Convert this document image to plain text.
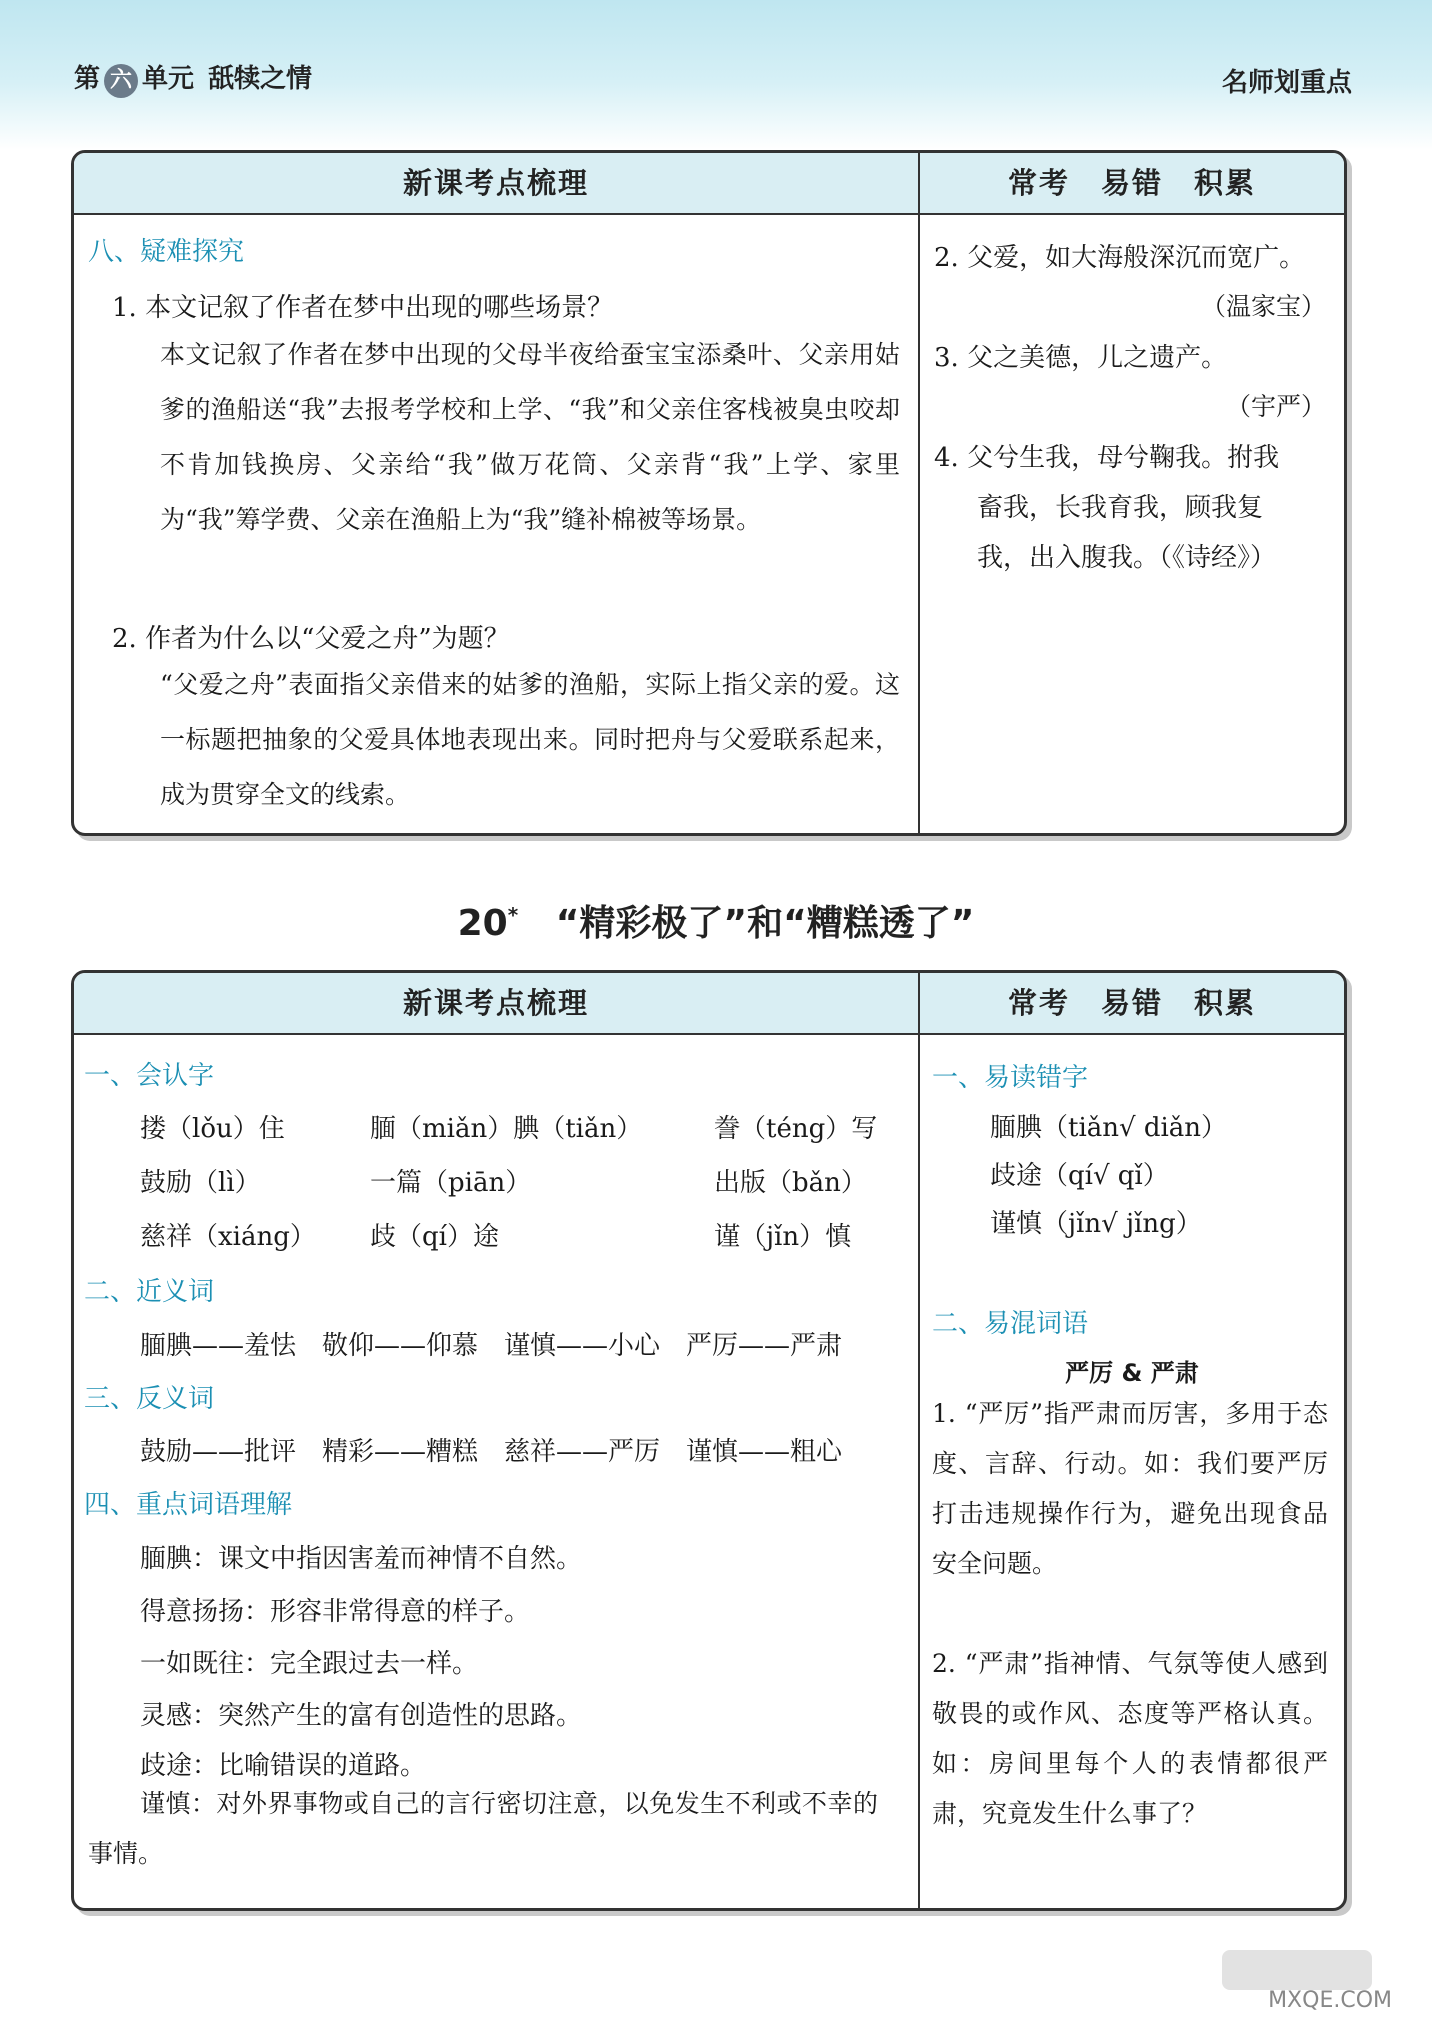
第 六 单元 舐犊之情	名师划重点
新课考点梳理	常考　易错　积累
八、疑难探究
1. 本文记叙了作者在梦中出现的哪些场景？

本文记叙了作者在梦中出现的父母半夜给蚕宝宝添桑叶、父亲用姑爹的渔船送“我”去报考学校和上学、“我”和父亲住客栈被臭虫咬却不肯加钱换房、父亲给“我”做万花筒、父亲背“我”上学、家里为“我”筹学费、父亲在渔船上为“我”缝补棉被等场景。

2. 作者为什么以“父爱之舟”为题？

“父爱之舟”表面指父亲借来的姑爹的渔船，实际上指父亲的爱。这一标题把抽象的父爱具体地表现出来。同时把舟与父爱联系起来，成为贯穿全文的线索。

2. 父爱，如大海般深沉而宽广。
（温家宝）
3. 父之美德，儿之遗产。
（宇严）
4. 父兮生我，母兮鞠我。拊我
畜我，长我育我，顾我复
我，出入腹我。（《诗经》）
20* “精彩极了”和“糟糕透了”
新课考点梳理	常考　易错　积累
一、会认字
搂（lǒu）住	腼（miǎn）腆（tiǎn）	誊（téng）写
鼓励（lì）	一篇（piān）	出版（bǎn）
慈祥（xiáng） 歧（qí）途	谨（jǐn）慎
二、近义词
腼腆——羞怯　敬仰——仰慕　谨慎——小心　严厉——严肃
三、反义词
鼓励——批评　精彩——糟糕　慈祥——严厉　谨慎——粗心
四、重点词语理解
腼腆：课文中指因害羞而神情不自然。
得意扬扬：形容非常得意的样子。
一如既往：完全跟过去一样。
灵感：突然产生的富有创造性的思路。
歧途：比喻错误的道路。

谨慎：对外界事物或自己的言行密切注意，以免发生不利或不幸的事情。

一、易读错字
腼腆（tiǎn√ diǎn）
歧途（qí√ qǐ）
谨慎（jǐn√ jǐng）
二、易混词语
严厉 & 严肃

1. “严厉”指严肃而厉害，多用于态度、言辞、行动。如：我们要严厉打击违规操作行为，避免出现食品安全问题。

2. “严肃”指神情、气氛等使人感到敬畏的或作风、态度等严格认真。如：房间里每个人的表情都很严肃，究竟发生什么事了？

MXQE.COM
